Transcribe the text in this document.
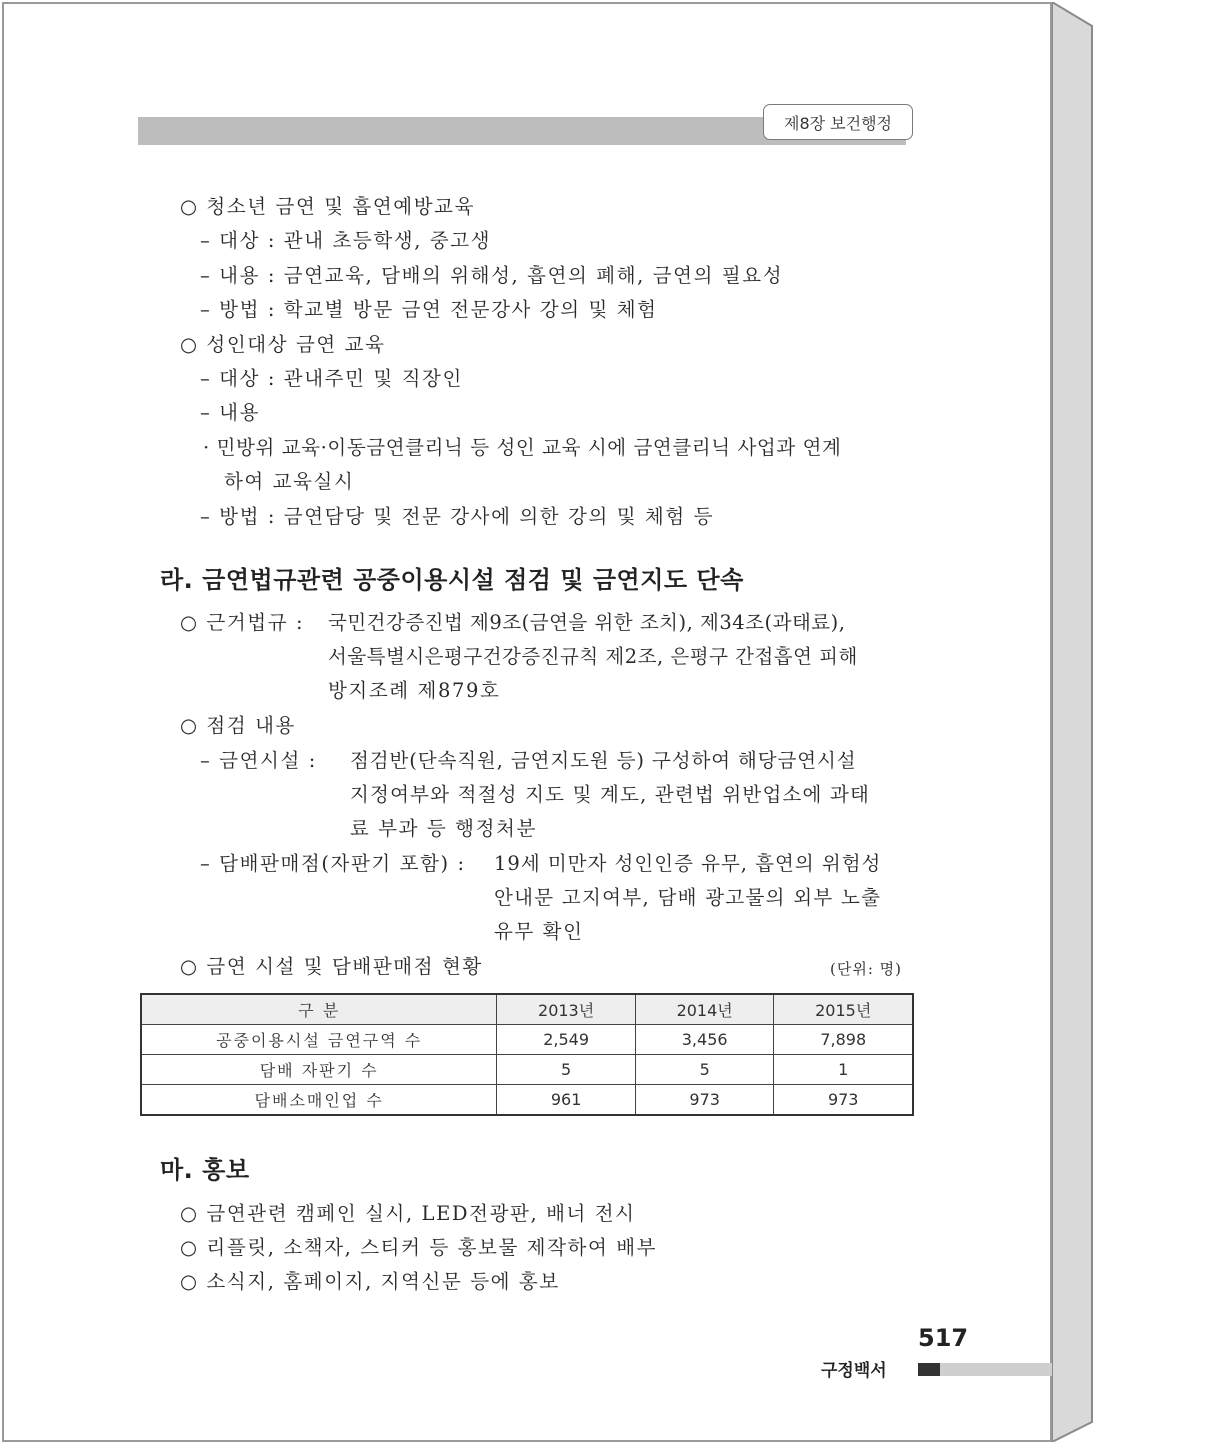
제8장 보건행정
○ 청소년 금연 및 흡연예방교육
– 대상 : 관내 초등학생, 중고생
– 내용 : 금연교육, 담배의 위해성, 흡연의 폐해, 금연의 필요성
– 방법 : 학교별 방문 금연 전문강사 강의 및 체험
○ 성인대상 금연 교육
– 대상 : 관내주민 및 직장인
– 내용
· 민방위 교육·이동금연클리닉 등 성인 교육 시에 금연클리닉 사업과 연계
하여 교육실시
– 방법 : 금연담당 및 전문 강사에 의한 강의 및 체험 등
라. 금연법규관련 공중이용시설 점검 및 금연지도 단속
○ 근거법규 : 국민건강증진법 제9조(금연을 위한 조치), 제34조(과태료),
서울특별시은평구건강증진규칙 제2조, 은평구 간접흡연 피해
방지조례 제879호
○ 점검 내용
– 금연시설 : 점검반(단속직원, 금연지도원 등) 구성하여 해당금연시설
지정여부와 적절성 지도 및 계도, 관련법 위반업소에 과태
료 부과 등 행정처분
– 담배판매점(자판기 포함) : 19세 미만자 성인인증 유무, 흡연의 위험성
안내문 고지여부, 담배 광고물의 외부 노출
유무 확인
○ 금연 시설 및 담배판매점 현황	(단위: 명)
구 분	2013년	2014년	2015년
공중이용시설 금연구역 수	2,549	3,456	7,898
담배 자판기 수	5	5	1
담배소매인업 수	961	973	973
마. 홍보
○ 금연관련 캠페인 실시, LED전광판, 배너 전시
○ 리플릿, 소책자, 스티커 등 홍보물 제작하여 배부
○ 소식지, 홈페이지, 지역신문 등에 홍보
517
구정백서
